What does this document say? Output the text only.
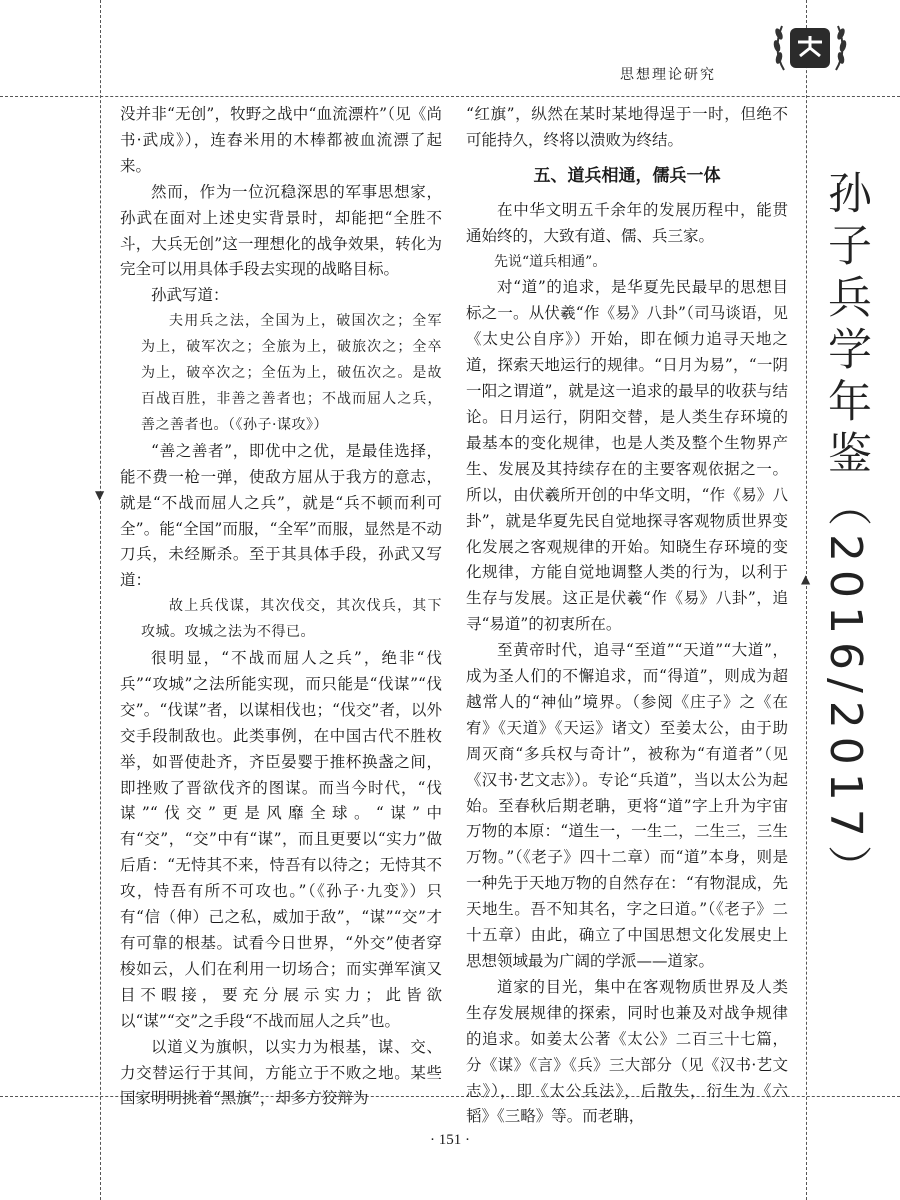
思想理论研究

没并非“无创”，牧野之战中“血流漂杵”（见《尚书·武成》），连舂米用的木棒都被血流漂了起来。

然而，作为一位沉稳深思的军事思想家，孙武在面对上述史实背景时，却能把“全胜不斗，大兵无创”这一理想化的战争效果，转化为完全可以用具体手段去实现的战略目标。

孙武写道：

夫用兵之法，全国为上，破国次之；全军为上，破军次之；全旅为上，破旅次之；全卒为上，破卒次之；全伍为上，破伍次之。是故百战百胜，非善之善者也；不战而屈人之兵，善之善者也。（《孙子·谋攻》）

“善之善者”，即优中之优，是最佳选择，能不费一枪一弹，使敌方屈从于我方的意志，就是“不战而屈人之兵”，就是“兵不顿而利可全”。能“全国”而服，“全军”而服，显然是不动刀兵，未经厮杀。至于其具体手段，孙武又写道：

故上兵伐谋，其次伐交，其次伐兵，其下攻城。攻城之法为不得已。

很明显，“不战而屈人之兵”，绝非“伐兵”“攻城”之法所能实现，而只能是“伐谋”“伐交”。“伐谋”者，以谋相伐也；“伐交”者，以外交手段制敌也。此类事例，在中国古代不胜枚举，如晋使赴齐，齐臣晏婴于推杯换盏之间，即挫败了晋欲伐齐的图谋。而当今时代，“伐谋”“伐交”更是风靡全球。“谋”中有“交”，“交”中有“谋”，而且更要以“实力”做后盾：“无恃其不来，恃吾有以待之；无恃其不攻，恃吾有所不可攻也。”（《孙子·九变》）只有“信（伸）己之私，威加于敌”，“谋”“交”才有可靠的根基。试看今日世界，“外交”使者穿梭如云，人们在利用一切场合；而实弹军演又目不暇接，要充分展示实力；此皆欲以“谋”“交”之手段“不战而屈人之兵”也。

以道义为旗帜，以实力为根基，谋、交、力交替运行于其间，方能立于不败之地。某些国家明明挑着“黑旗”，却多方狡辩为

“红旗”，纵然在某时某地得逞于一时，但绝不可能持久，终将以溃败为终结。

五、道兵相通，儒兵一体

在中华文明五千余年的发展历程中，能贯通始终的，大致有道、儒、兵三家。

先说“道兵相通”。

对“道”的追求，是华夏先民最早的思想目标之一。从伏羲“作《易》八卦”（司马谈语，见《太史公自序》）开始，即在倾力追寻天地之道，探索天地运行的规律。“日月为易”，“一阴一阳之谓道”，就是这一追求的最早的收获与结论。日月运行，阴阳交替，是人类生存环境的最基本的变化规律，也是人类及整个生物界产生、发展及其持续存在的主要客观依据之一。所以，由伏羲所开创的中华文明，“作《易》八卦”，就是华夏先民自觉地探寻客观物质世界变化发展之客观规律的开始。知晓生存环境的变化规律，方能自觉地调整人类的行为，以利于生存与发展。这正是伏羲“作《易》八卦”，追寻“易道”的初衷所在。

至黄帝时代，追寻“至道”“天道”“大道”，成为圣人们的不懈追求，而“得道”，则成为超越常人的“神仙”境界。（参阅《庄子》之《在宥》《天道》《天运》诸文）至姜太公，由于助周灭商“多兵权与奇计”，被称为“有道者”（见《汉书·艺文志》）。专论“兵道”，当以太公为起始。至春秋后期老聃，更将“道”字上升为宇宙万物的本原：“道生一，一生二，二生三，三生万物。”（《老子》四十二章）而“道”本身，则是一种先于天地万物的自然存在：“有物混成，先天地生。吾不知其名，字之曰道。”（《老子》二十五章）由此，确立了中国思想文化发展史上思想领域最为广阔的学派——道家。

道家的目光，集中在客观物质世界及人类生存发展规律的探索，同时也兼及对战争规律的追求。如姜太公著《太公》二百三十七篇，分《谋》《言》《兵》三大部分（见《汉书·艺文志》），即《太公兵法》，后散失，衍生为《六韬》《三略》等。而老聃，

孙子兵学年鉴（2016/2017）
▼
▲
· 151 ·
